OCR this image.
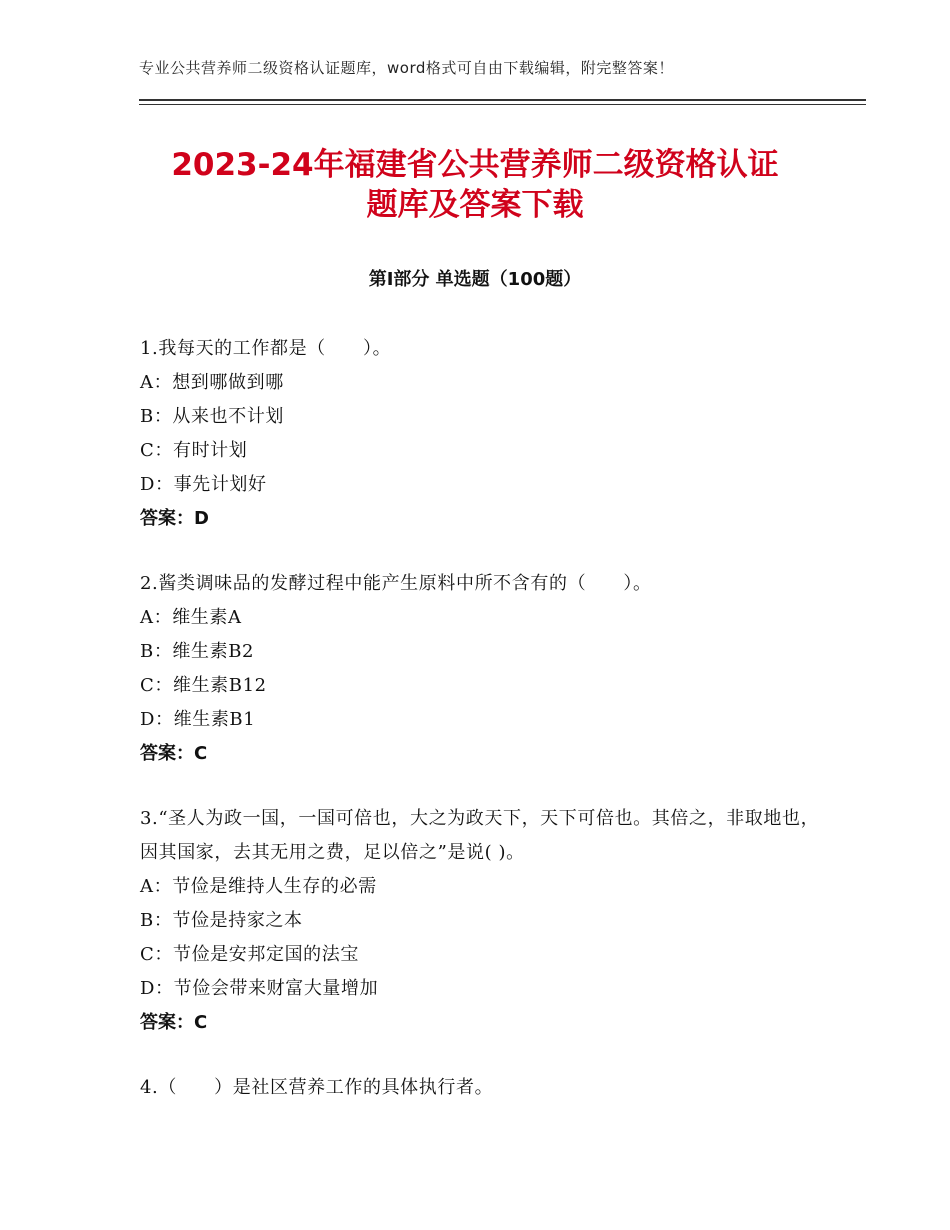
专业公共营养师二级资格认证题库，word格式可自由下载编辑，附完整答案！
2023-24年福建省公共营养师二级资格认证
题库及答案下载
第Ⅰ部分 单选题（100题）
1.我每天的工作都是（　　）。
A：想到哪做到哪
B：从来也不计划
C：有时计划
D：事先计划好
答案：D
2.酱类调味品的发酵过程中能产生原料中所不含有的（　　）。
A：维生素A
B：维生素B2
C：维生素B12
D：维生素B1
答案：C
3.“圣人为政一国，一国可倍也，大之为政天下，天下可倍也。其倍之，非取地也，因其国家，去其无用之费，足以倍之”是说( )。
A：节俭是维持人生存的必需
B：节俭是持家之本
C：节俭是安邦定国的法宝
D：节俭会带来财富大量增加
答案：C
4.（　　）是社区营养工作的具体执行者。
